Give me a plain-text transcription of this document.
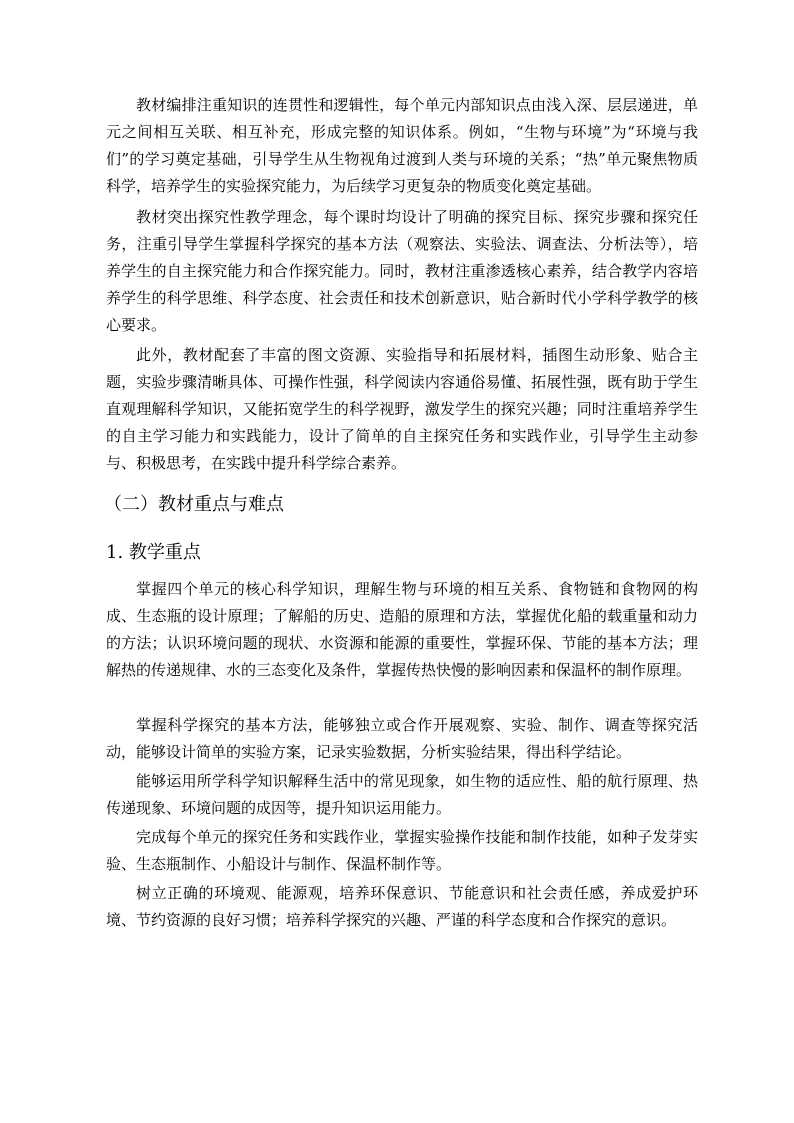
教材编排注重知识的连贯性和逻辑性，每个单元内部知识点由浅入深、层层递进，单元之间相互关联、相互补充，形成完整的知识体系。例如，“生物与环境”为“环境与我们”的学习奠定基础，引导学生从生物视角过渡到人类与环境的关系；“热”单元聚焦物质科学，培养学生的实验探究能力，为后续学习更复杂的物质变化奠定基础。

教材突出探究性教学理念，每个课时均设计了明确的探究目标、探究步骤和探究任务，注重引导学生掌握科学探究的基本方法（观察法、实验法、调查法、分析法等），培养学生的自主探究能力和合作探究能力。同时，教材注重渗透核心素养，结合教学内容培养学生的科学思维、科学态度、社会责任和技术创新意识，贴合新时代小学科学教学的核心要求。

此外，教材配套了丰富的图文资源、实验指导和拓展材料，插图生动形象、贴合主题，实验步骤清晰具体、可操作性强，科学阅读内容通俗易懂、拓展性强，既有助于学生直观理解科学知识，又能拓宽学生的科学视野，激发学生的探究兴趣；同时注重培养学生的自主学习能力和实践能力，设计了简单的自主探究任务和实践作业，引导学生主动参与、积极思考，在实践中提升科学综合素养。

（二）教材重点与难点
1. 教学重点

掌握四个单元的核心科学知识，理解生物与环境的相互关系、食物链和食物网的构成、生态瓶的设计原理；了解船的历史、造船的原理和方法，掌握优化船的载重量和动力的方法；认识环境问题的现状、水资源和能源的重要性，掌握环保、节能的基本方法；理解热的传递规律、水的三态变化及条件，掌握传热快慢的影响因素和保温杯的制作原理。

掌握科学探究的基本方法，能够独立或合作开展观察、实验、制作、调查等探究活动，能够设计简单的实验方案，记录实验数据，分析实验结果，得出科学结论。

能够运用所学科学知识解释生活中的常见现象，如生物的适应性、船的航行原理、热传递现象、环境问题的成因等，提升知识运用能力。

完成每个单元的探究任务和实践作业，掌握实验操作技能和制作技能，如种子发芽实验、生态瓶制作、小船设计与制作、保温杯制作等。

树立正确的环境观、能源观，培养环保意识、节能意识和社会责任感，养成爱护环境、节约资源的良好习惯；培养科学探究的兴趣、严谨的科学态度和合作探究的意识。
